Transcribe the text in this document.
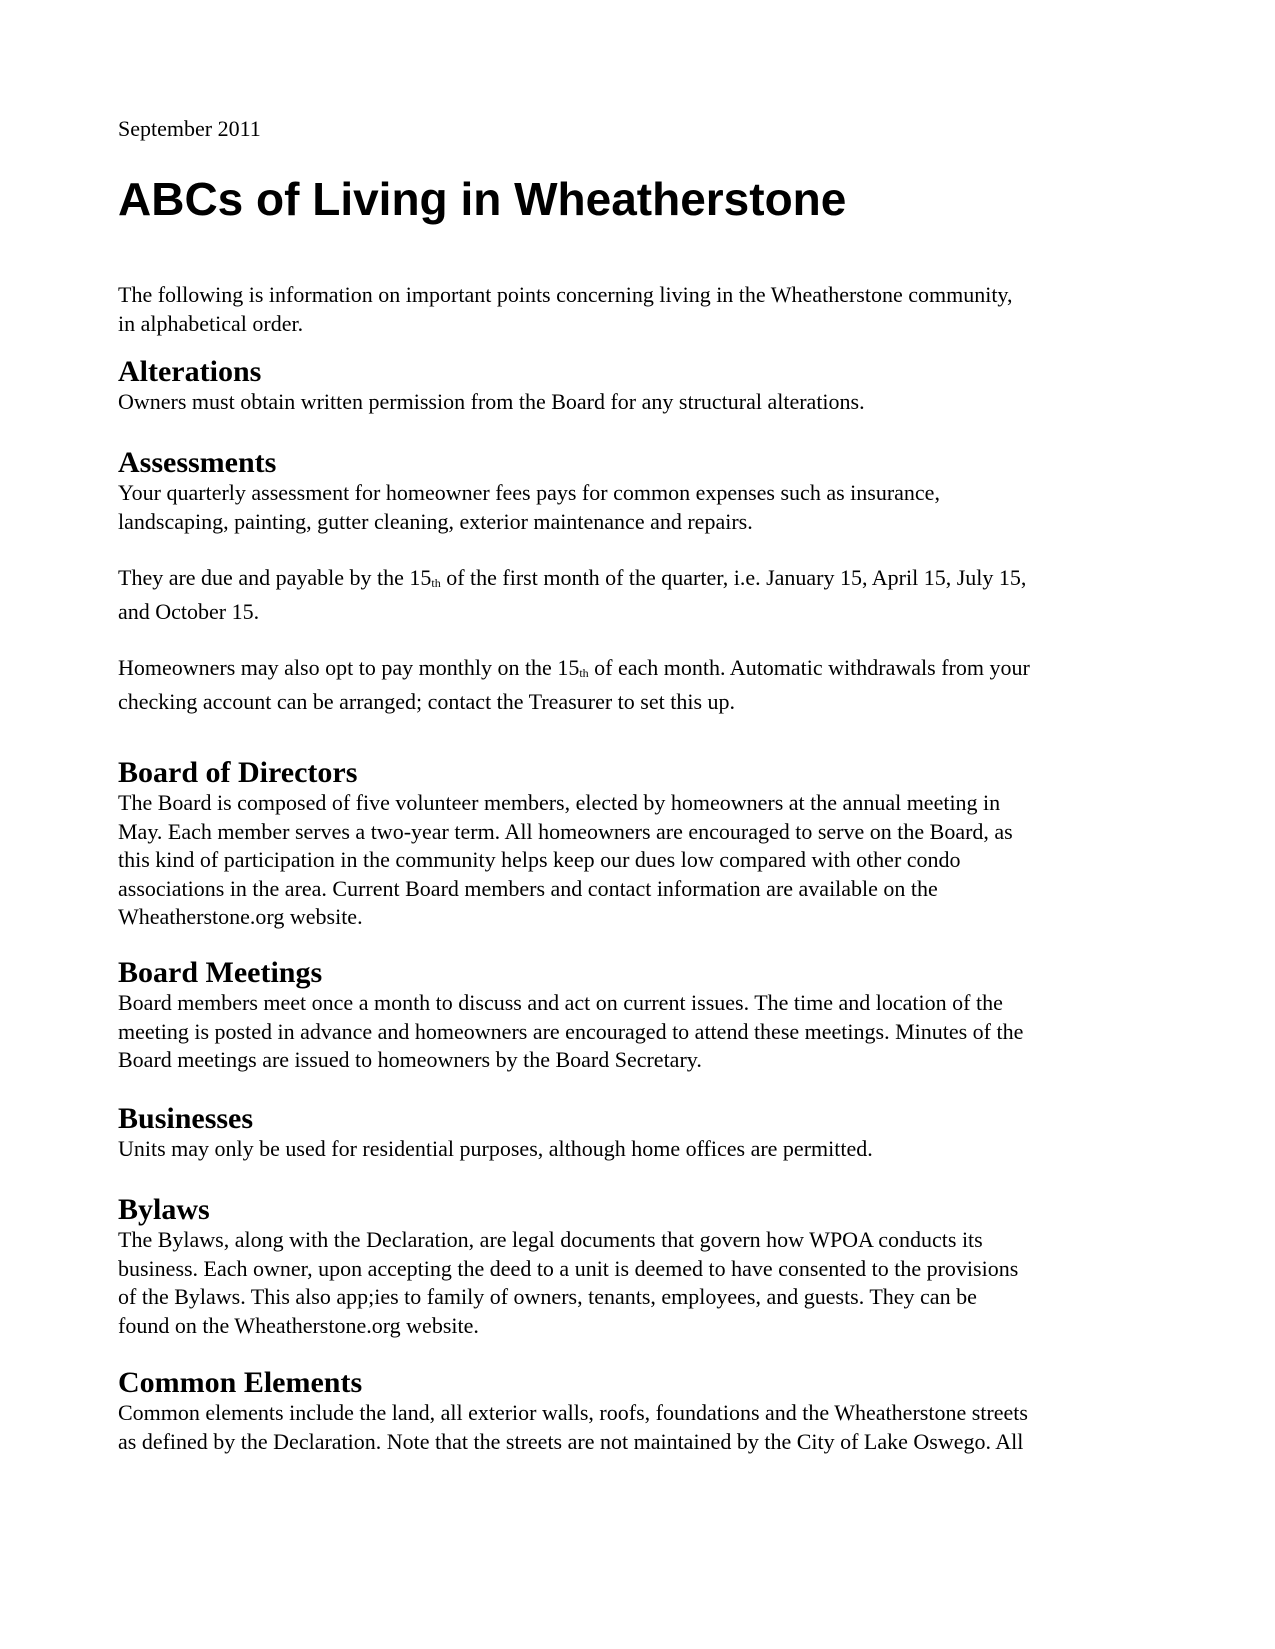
September 2011
ABCs of Living in Wheatherstone

The following is information on important points concerning living in the Wheatherstone community,
in alphabetical order.

Alterations

Owners must obtain written permission from the Board for any structural alterations.

Assessments

Your quarterly assessment for homeowner fees pays for common expenses such as insurance,
landscaping, painting, gutter cleaning, exterior maintenance and repairs.

They are due and payable by the 15th of the first month of the quarter, i.e. January 15, April 15, July 15,
and October 15.

Homeowners may also opt to pay monthly on the 15th of each month. Automatic withdrawals from your
checking account can be arranged; contact the Treasurer to set this up.

Board of Directors

The Board is composed of five volunteer members, elected by homeowners at the annual meeting in
May. Each member serves a two-year term. All homeowners are encouraged to serve on the Board, as
this kind of participation in the community helps keep our dues low compared with other condo
associations in the area. Current Board members and contact information are available on the
Wheatherstone.org website.

Board Meetings

Board members meet once a month to discuss and act on current issues. The time and location of the
meeting is posted in advance and homeowners are encouraged to attend these meetings. Minutes of the
Board meetings are issued to homeowners by the Board Secretary.

Businesses

Units may only be used for residential purposes, although home offices are permitted.

Bylaws

The Bylaws, along with the Declaration, are legal documents that govern how WPOA conducts its
business. Each owner, upon accepting the deed to a unit is deemed to have consented to the provisions
of the Bylaws. This also app;ies to family of owners, tenants, employees, and guests. They can be
found on the Wheatherstone.org website.

Common Elements

Common elements include the land, all exterior walls, roofs, foundations and the Wheatherstone streets
as defined by the Declaration. Note that the streets are not maintained by the City of Lake Oswego. All
